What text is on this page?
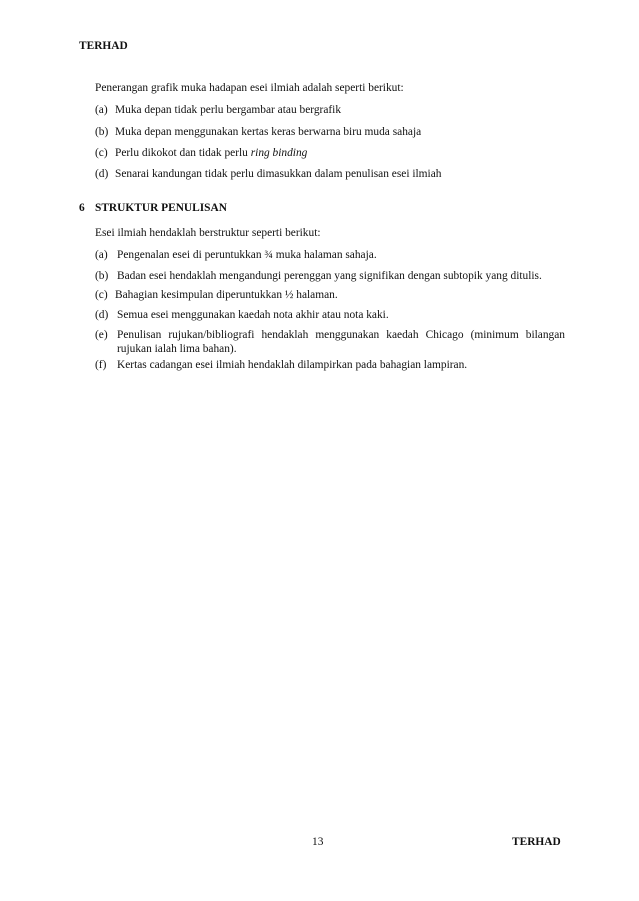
TERHAD
Penerangan grafik muka hadapan esei ilmiah adalah seperti berikut:
(a) Muka depan tidak perlu bergambar atau bergrafik
(b) Muka depan menggunakan kertas keras berwarna biru muda sahaja
(c) Perlu dikokot dan tidak perlu ring binding
(d) Senarai kandungan tidak perlu dimasukkan dalam penulisan esei ilmiah
6 STRUKTUR PENULISAN
Esei ilmiah hendaklah berstruktur seperti berikut:
(a) Pengenalan esei di peruntukkan ¾ muka halaman sahaja.
(b) Badan esei hendaklah mengandungi perenggan yang signifikan dengan subtopik yang ditulis.
(c) Bahagian kesimpulan diperuntukkan ½ halaman.
(d) Semua esei menggunakan kaedah nota akhir atau nota kaki.
(e) Penulisan rujukan/bibliografi hendaklah menggunakan kaedah Chicago (minimum bilangan rujukan ialah lima bahan).
(f) Kertas cadangan esei ilmiah hendaklah dilampirkan pada bahagian lampiran.
13	TERHAD
